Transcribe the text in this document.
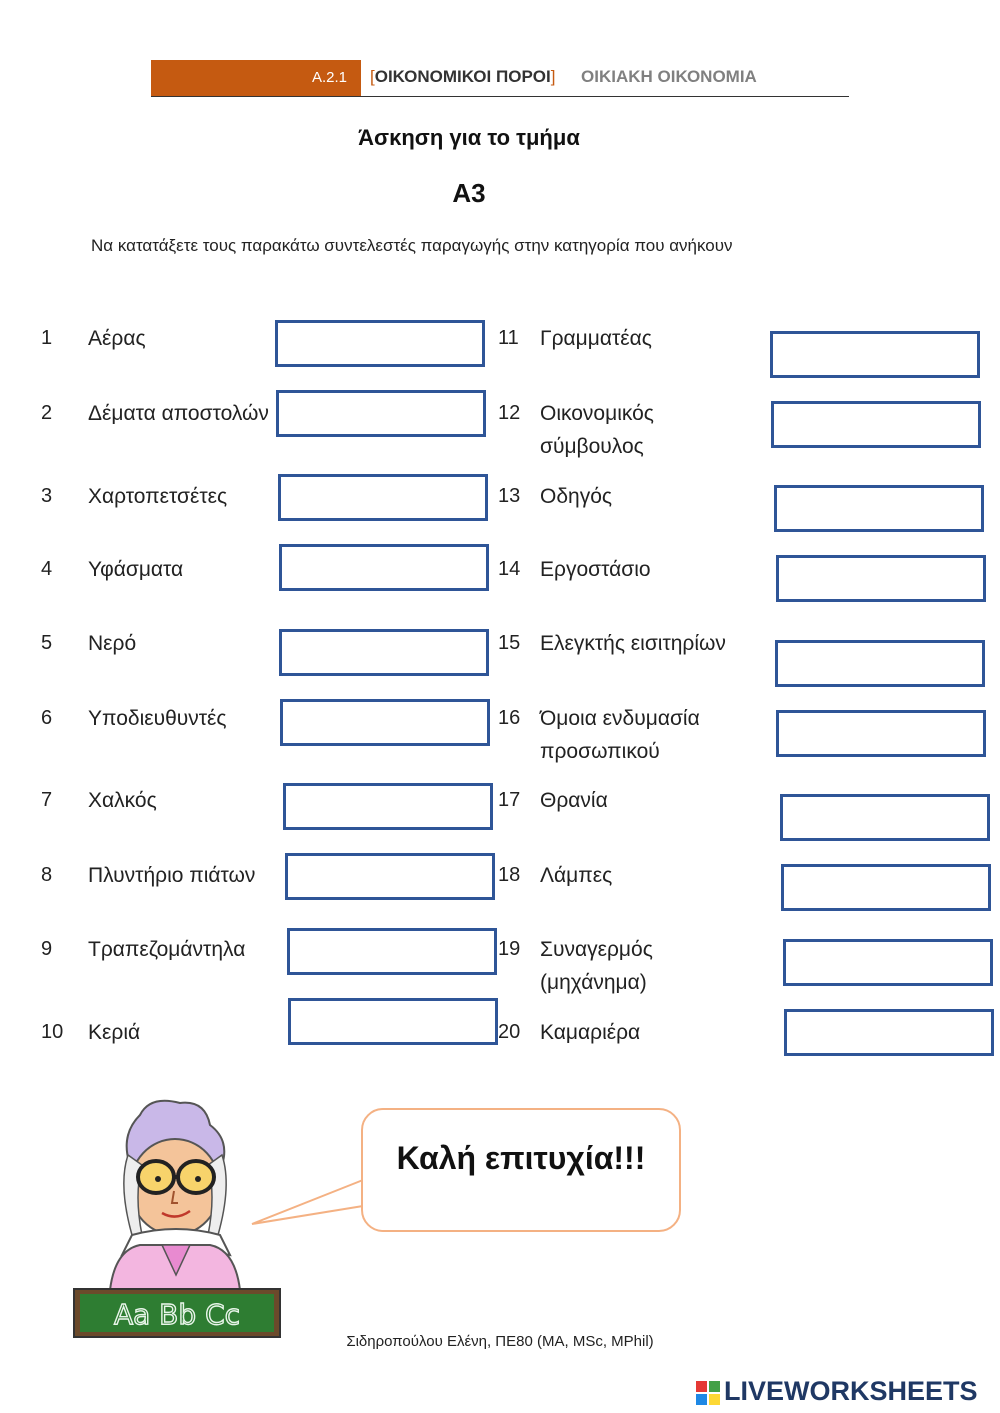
A.2.1 [ΟΙΚΟΝΟΜΙΚΟΙ ΠΟΡΟΙ] ΟΙΚΙΑΚΗ ΟΙΚΟΝΟΜΙΑ
Άσκηση για το τμήμα
Α3
Να κατατάξετε τους παρακάτω συντελεστές παραγωγής στην κατηγορία που ανήκουν
1 Αέρας
2 Δέματα αποστολών
3 Χαρτοπετσέτες
4 Υφάσματα
5 Νερό
6 Υποδιευθυντές
7 Χαλκός
8 Πλυντήριο πιάτων
9 Τραπεζομάντηλα
10 Κεριά
11 Γραμματέας
12 Οικονομικός σύμβουλος
13 Οδηγός
14 Εργοστάσιο
15 Ελεγκτής εισιτηρίων
16 Όμοια ενδυμασία προσωπικού
17 Θρανία
18 Λάμπες
19 Συναγερμός (μηχάνημα)
20 Καμαριέρα
Aa Bb Cc
Καλή επιτυχία!!!
Σιδηροπούλου Ελένη, ΠΕ80 (ΜΑ, MSc, MPhil)
LIVEWORKSHEETS
